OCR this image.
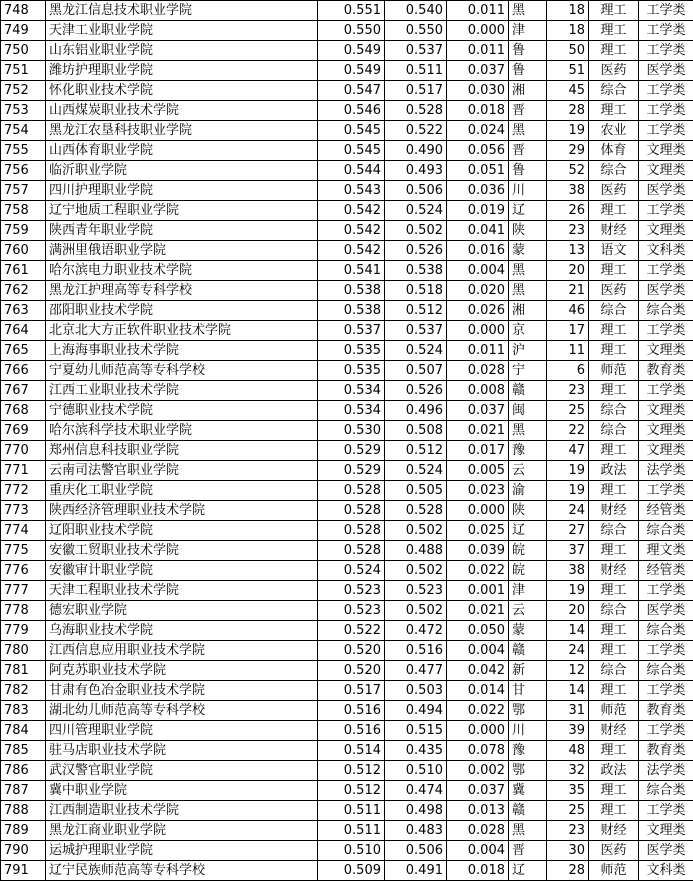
748	黑龙江信息技术职业学院	0.551	0.540	0.011	黑	18	理工	工学类
749	天津工业职业学院	0.550	0.550	0.000	津	18	理工	工学类
750	山东铝业职业学院	0.549	0.537	0.011	鲁	50	理工	工学类
751	潍坊护理职业学院	0.549	0.511	0.037	鲁	51	医药	医学类
752	怀化职业技术学院	0.547	0.517	0.030	湘	45	综合	工学类
753	山西煤炭职业技术学院	0.546	0.528	0.018	晋	28	理工	工学类
754	黑龙江农垦科技职业学院	0.545	0.522	0.024	黑	19	农业	工学类
755	山西体育职业学院	0.545	0.490	0.056	晋	29	体育	文理类
756	临沂职业学院	0.544	0.493	0.051	鲁	52	综合	文理类
757	四川护理职业学院	0.543	0.506	0.036	川	38	医药	医学类
758	辽宁地质工程职业学院	0.542	0.524	0.019	辽	26	理工	工学类
759	陕西青年职业学院	0.542	0.502	0.041	陕	23	财经	文理类
760	满洲里俄语职业学院	0.542	0.526	0.016	蒙	13	语文	文科类
761	哈尔滨电力职业技术学院	0.541	0.538	0.004	黑	20	理工	工学类
762	黑龙江护理高等专科学校	0.538	0.518	0.020	黑	21	医药	医学类
763	邵阳职业技术学院	0.538	0.512	0.026	湘	46	综合	综合类
764	北京北大方正软件职业技术学院	0.537	0.537	0.000	京	17	理工	工学类
765	上海海事职业技术学院	0.535	0.524	0.011	沪	11	理工	文理类
766	宁夏幼儿师范高等专科学校	0.535	0.507	0.028	宁	6	师范	教育类
767	江西工业职业技术学院	0.534	0.526	0.008	赣	23	理工	工学类
768	宁德职业技术学院	0.534	0.496	0.037	闽	25	综合	文理类
769	哈尔滨科学技术职业学院	0.530	0.508	0.021	黑	22	综合	文理类
770	郑州信息科技职业学院	0.529	0.512	0.017	豫	47	理工	文理类
771	云南司法警官职业学院	0.529	0.524	0.005	云	19	政法	法学类
772	重庆化工职业学院	0.528	0.505	0.023	渝	19	理工	工学类
773	陕西经济管理职业技术学院	0.528	0.528	0.000	陕	24	财经	经管类
774	辽阳职业技术学院	0.528	0.502	0.025	辽	27	综合	综合类
775	安徽工贸职业技术学院	0.528	0.488	0.039	皖	37	理工	理文类
776	安徽审计职业学院	0.524	0.502	0.022	皖	38	财经	经管类
777	天津工程职业技术学院	0.523	0.523	0.001	津	19	理工	工学类
778	德宏职业学院	0.523	0.502	0.021	云	20	综合	医学类
779	乌海职业技术学院	0.522	0.472	0.050	蒙	14	理工	综合类
780	江西信息应用职业技术学院	0.520	0.516	0.004	赣	24	理工	工学类
781	阿克苏职业技术学院	0.520	0.477	0.042	新	12	综合	综合类
782	甘肃有色冶金职业技术学院	0.517	0.503	0.014	甘	14	理工	工学类
783	湖北幼儿师范高等专科学校	0.516	0.494	0.022	鄂	31	师范	教育类
784	四川管理职业学院	0.516	0.515	0.000	川	39	财经	工学类
785	驻马店职业技术学院	0.514	0.435	0.078	豫	48	理工	教育类
786	武汉警官职业学院	0.512	0.510	0.002	鄂	32	政法	法学类
787	冀中职业学院	0.512	0.474	0.037	冀	35	理工	综合类
788	江西制造职业技术学院	0.511	0.498	0.013	赣	25	理工	工学类
789	黑龙江商业职业学院	0.511	0.483	0.028	黑	23	财经	文理类
790	运城护理职业学院	0.510	0.506	0.004	晋	30	医药	医学类
791	辽宁民族师范高等专科学校	0.509	0.491	0.018	辽	28	师范	文科类
